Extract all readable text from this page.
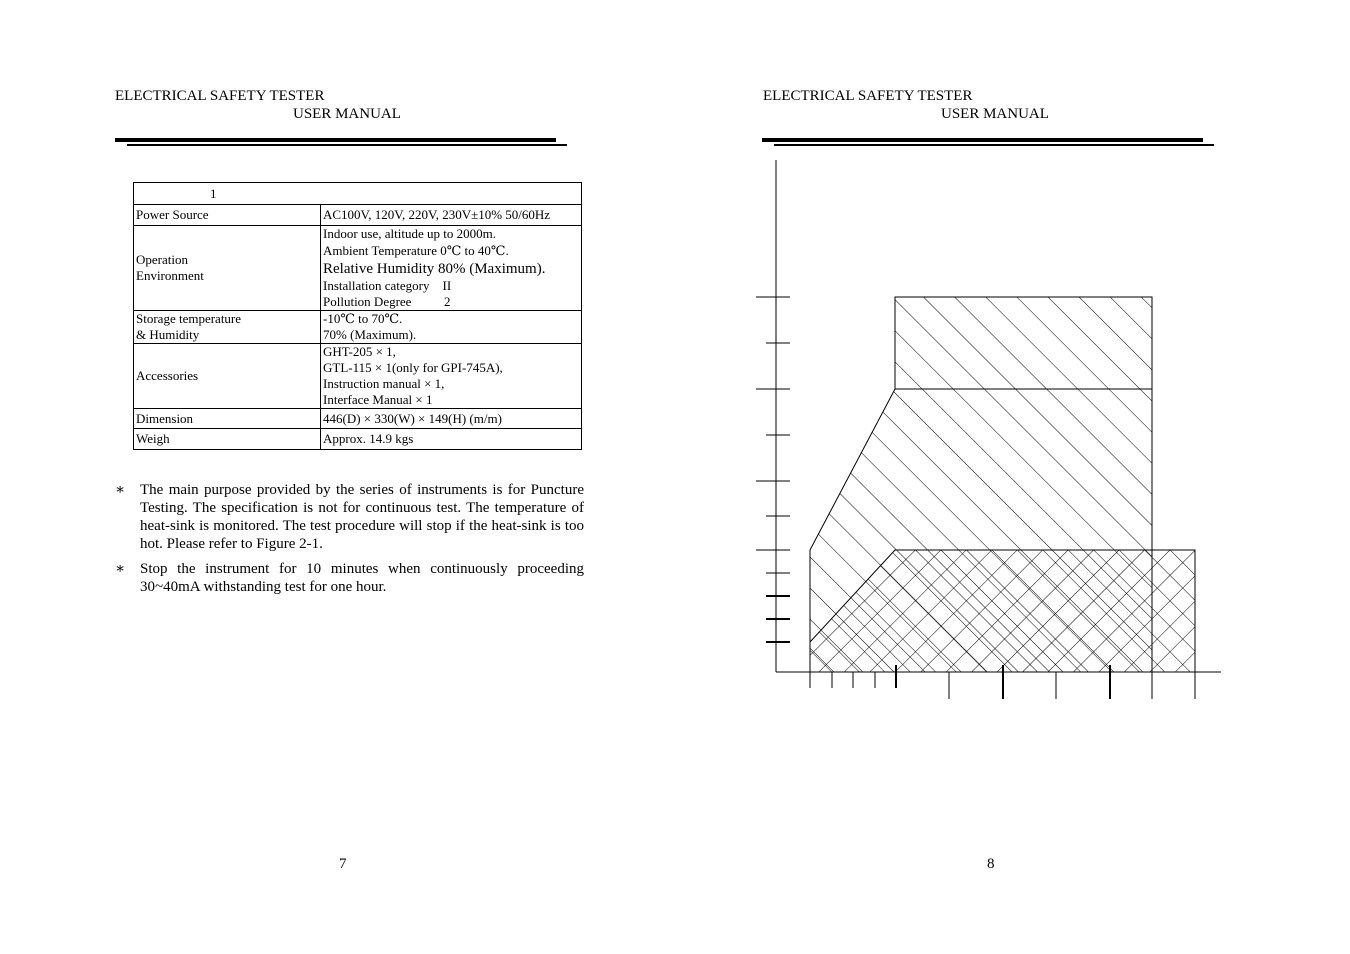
ELECTRICAL SAFETY TESTER
USER MANUAL
1	

Power Source	AC100V, 120V, 220V, 230V±10% 50/60Hz

Operation
Environment	Indoor use, altitude up to 2000m.
Ambient Temperature 0℃ to 40℃.
Relative Humidity 80% (Maximum).
Installation category    II
Pollution Degree          2

Storage temperature
& Humidity	-10℃ to 70℃.
70% (Maximum).

Accessories	GHT-205 × 1,
GTL-115 × 1(only for GPI-745A),
Instruction manual × 1,
Interface Manual × 1

Dimension	446(D) × 330(W) × 149(H) (m/m)

Weigh	Approx. 14.9 kgs
∗ The main purpose provided by the series of instruments is for Puncture Testing. The specification is not for continuous test. The temperature of heat-sink is monitored. The test procedure will stop if the heat-sink is too hot. Please refer to Figure 2-1.
∗ Stop the instrument for 10 minutes when continuously proceeding 30~40mA withstanding test for one hour.
7
ELECTRICAL SAFETY TESTER
USER MANUAL
8
